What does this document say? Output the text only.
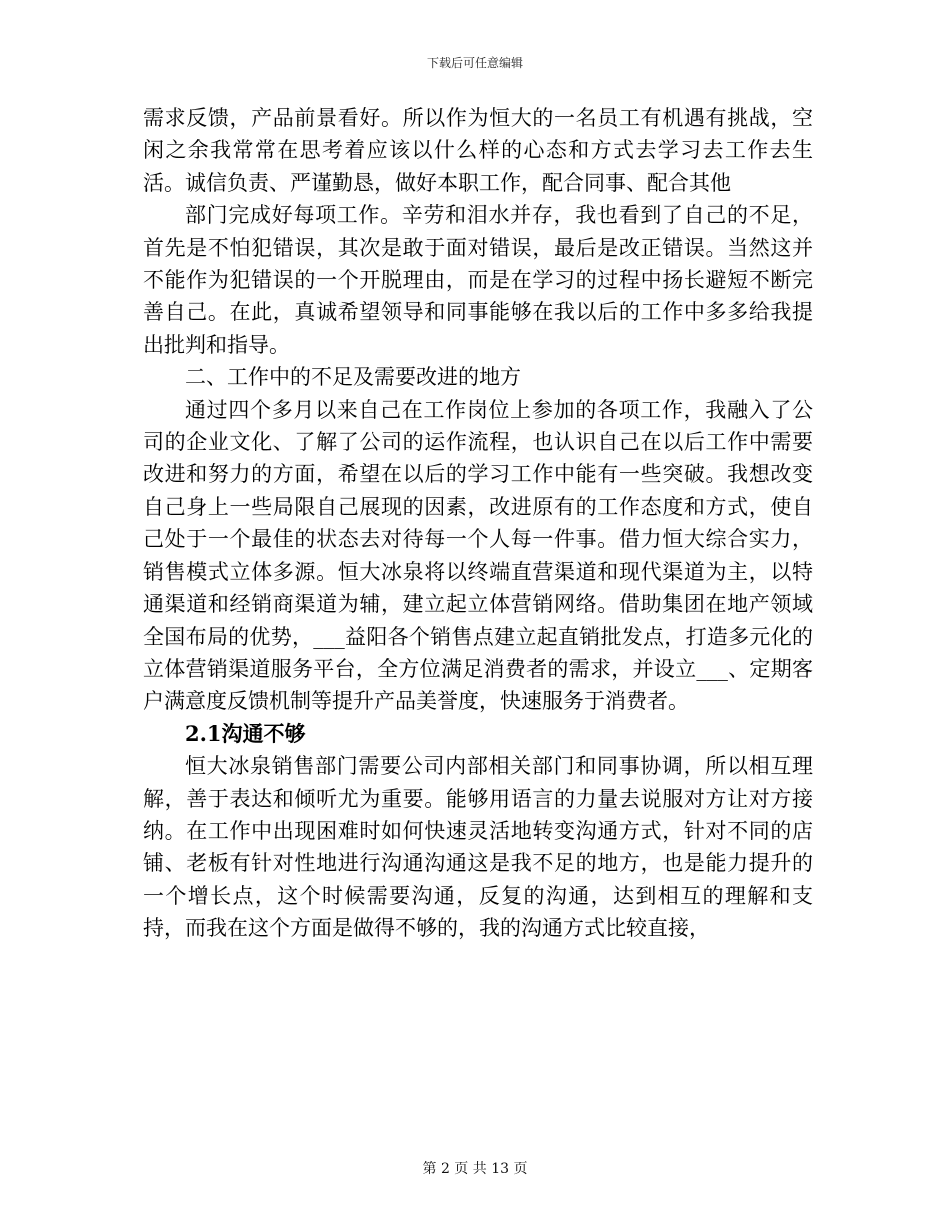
下载后可任意编辑

需求反馈，产品前景看好。所以作为恒大的一名员工有机遇有挑战，空闲之余我常常在思考着应该以什么样的心态和方式去学习去工作去生活。诚信负责、严谨勤恳，做好本职工作，配合同事、配合其他

部门完成好每项工作。辛劳和泪水并存，我也看到了自己的不足，首先是不怕犯错误，其次是敢于面对错误，最后是改正错误。当然这并不能作为犯错误的一个开脱理由，而是在学习的过程中扬长避短不断完善自己。在此，真诚希望领导和同事能够在我以后的工作中多多给我提出批判和指导。

二、工作中的不足及需要改进的地方

通过四个多月以来自己在工作岗位上参加的各项工作，我融入了公司的企业文化、了解了公司的运作流程，也认识自己在以后工作中需要改进和努力的方面，希望在以后的学习工作中能有一些突破。我想改变自己身上一些局限自己展现的因素，改进原有的工作态度和方式，使自己处于一个最佳的状态去对待每一个人每一件事。借力恒大综合实力，销售模式立体多源。恒大冰泉将以终端直营渠道和现代渠道为主，以特通渠道和经销商渠道为辅，建立起立体营销网络。借助集团在地产领域全国布局的优势，___益阳各个销售点建立起直销批发点，打造多元化的立体营销渠道服务平台，全方位满足消费者的需求，并设立___、定期客户满意度反馈机制等提升产品美誉度，快速服务于消费者。

2.1沟通不够

恒大冰泉销售部门需要公司内部相关部门和同事协调，所以相互理解，善于表达和倾听尤为重要。能够用语言的力量去说服对方让对方接纳。在工作中出现困难时如何快速灵活地转变沟通方式，针对不同的店铺、老板有针对性地进行沟通沟通这是我不足的地方，也是能力提升的一个增长点，这个时候需要沟通，反复的沟通，达到相互的理解和支持，而我在这个方面是做得不够的，我的沟通方式比较直接，

第 2 页 共 13 页
